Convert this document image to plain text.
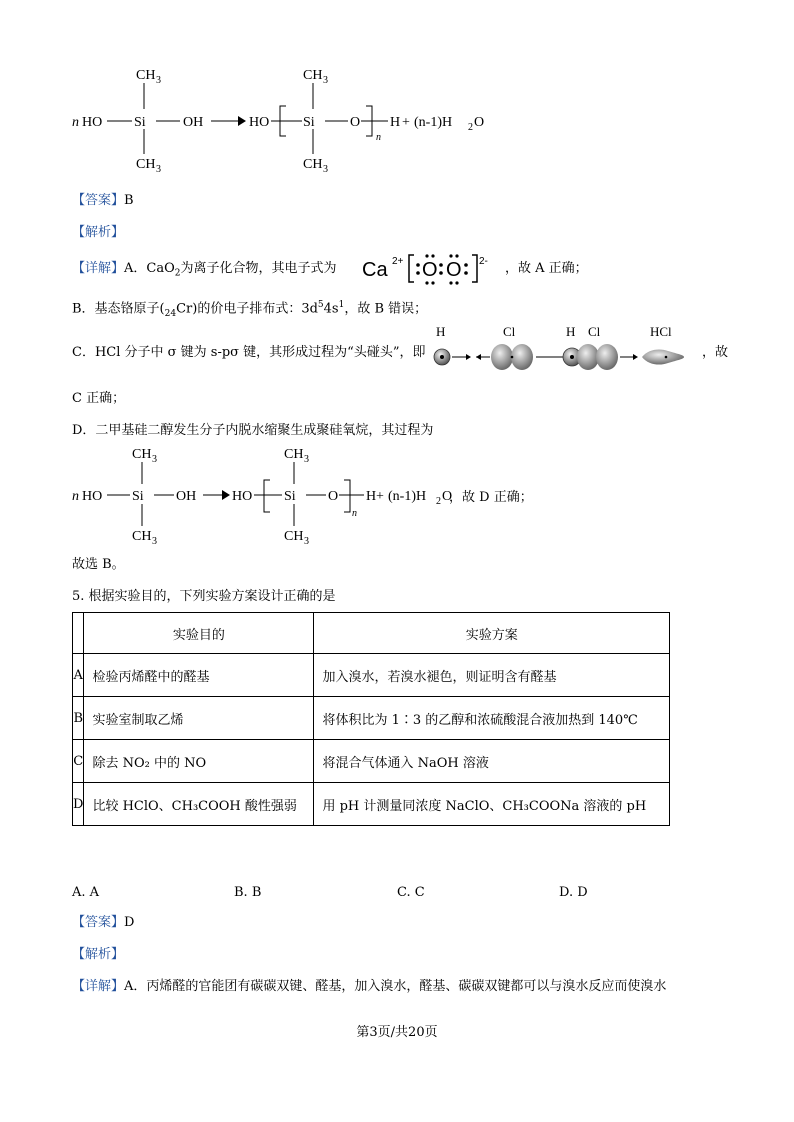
n HO Si
CH 3
CH 3
OH	HO Si
CH 3
CH 3
O
n
H + (n-1)H 2 O
【答案】B
【解析】
【详解】A．CaO$_2$为离子化合物，其电子式为 Ca 2+ O O 2- ，故 A 正确；
B．基态铬原子$(_{24}Cr)$的价电子排布式：$3d^54s^1$，故 B 错误；
C．HCl 分子中 σ 键为 s-pσ 键，其形成过程为“头碰头”，即
H	Cl	H Cl	HCl
，故
C 正确；
D．二甲基硅二醇发生分子内脱水缩聚生成聚硅氧烷，其过程为
n HO Si
CH 3
CH 3
OH	HO Si
CH 3
CH 3
O
n
H + (n-1)H 2 O
，故 D 正确；
故选 B。
5. 根据实验目的，下列实验方案设计正确的是
	实验目的	实验方案
A	检验丙烯醛中的醛基	加入溴水，若溴水褪色，则证明含有醛基
B	实验室制取乙烯	将体积比为 1∶3 的乙醇和浓硫酸混合液加热到 140℃
C	除去 NO₂ 中的 NO	将混合气体通入 NaOH 溶液
D	比较 HClO、CH₃COOH 酸性强弱	用 pH 计测量同浓度 NaClO、CH₃COONa 溶液的 pH
A. A	B. B	C. C	D. D
【答案】D
【解析】
【详解】A．丙烯醛的官能团有碳碳双键、醛基，加入溴水，醛基、碳碳双键都可以与溴水反应而使溴水
第3页/共20页
